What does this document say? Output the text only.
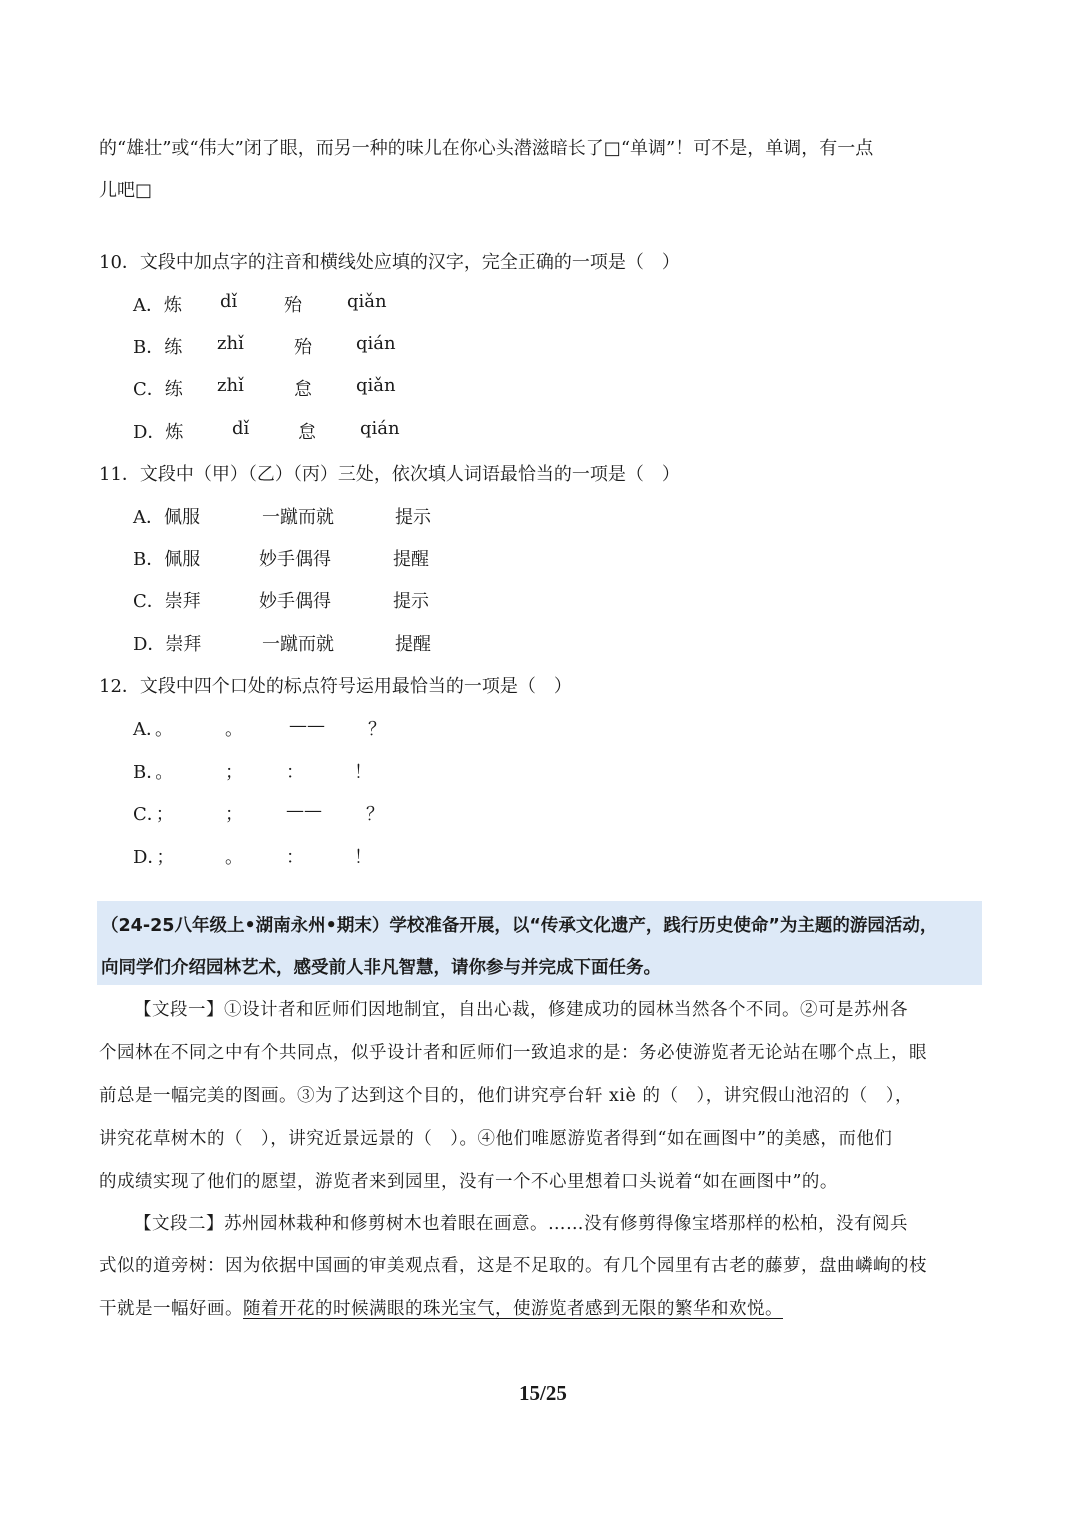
的“雄壮”或“伟大”闭了眼，而另一种的味儿在你心头潜滋暗长了□“单调”！可不是，单调，有一点
儿吧□
10．文段中加点字的注音和横线处应填的汉字，完全正确的一项是（　）
A．炼 dǐ	殆	qiǎn
B．练 zhǐ	殆 qián
C．练 zhǐ	怠 qiǎn
D．炼	dǐ	怠 qián
11．文段中（甲）（乙）（丙）三处，依次填人词语最恰当的一项是（　）
A．佩服	一蹴而就	提示
B．佩服	妙手偶得	提醒
C．崇拜	妙手偶得	提示
D．崇拜	一蹴而就	提醒
12．文段中四个口处的标点符号运用最恰当的一项是（　）
A．。	。	—— ？
B．。	； ：	！
C．；	； —— ？
D．；	。 ：	！
（24-25八年级上•湖南永州•期末）学校准备开展，以“传承文化遗产，践行历史使命”为主题的游园活动，
向同学们介绍园林艺术，感受前人非凡智慧，请你参与并完成下面任务。
【文段一】①设计者和匠师们因地制宜，自出心裁，修建成功的园林当然各个不同。②可是苏州各
个园林在不同之中有个共同点，似乎设计者和匠师们一致追求的是：务必使游览者无论站在哪个点上，眼
前总是一幅完美的图画。③为了达到这个目的，他们讲究亭台轩 xiè 的（　），讲究假山池沼的（　），
讲究花草树木的（　），讲究近景远景的（　）。④他们唯愿游览者得到“如在画图中”的美感，而他们
的成绩实现了他们的愿望，游览者来到园里，没有一个不心里想着口头说着“如在画图中”的。
【文段二】苏州园林栽种和修剪树木也着眼在画意。……没有修剪得像宝塔那样的松柏，没有阅兵
式似的道旁树：因为依据中国画的审美观点看，这是不足取的。有几个园里有古老的藤萝，盘曲嶙峋的枝
干就是一幅好画。随着开花的时候满眼的珠光宝气，使游览者感到无限的繁华和欢悦。
15/25
